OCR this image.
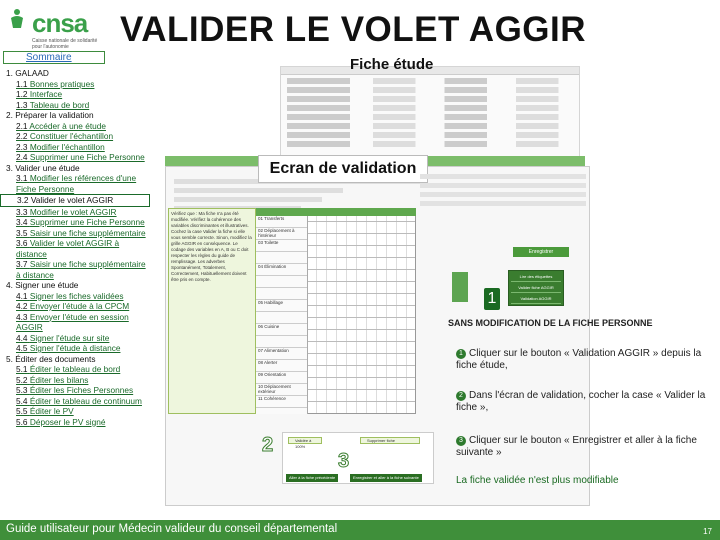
cnsa
Caisse nationale de solidarité pour l'autonomie	VALIDER LE VOLET AGGIR
Sommaire
1. GALAAD
1.1 Bonnes pratiques
1.2 Interface
1.3 Tableau de bord
2. Préparer la validation
2.1 Accéder à une étude
2.2 Constituer l'échantillon
2.3 Modifier l'échantillon
2.4 Supprimer une Fiche Personne
3. Valider une étude
3.1 Modifier les références d'une Fiche Personne
3.2 Valider le volet AGGIR
3.3 Modifier le volet AGGIR
3.4 Supprimer une Fiche Personne
3.5 Saisir une fiche supplémentaire
3.6 Valider le volet AGGIR à distance
3.7 Saisir une fiche supplémentaire à distance
4. Signer une étude
4.1 Signer les fiches validées
4.2 Envoyer l'étude à la CPCM
4.3 Envoyer l'étude en session AGGIR
4.4 Signer l'étude sur site
4.5 Signer l'étude à distance
5. Éditer des documents
5.1 Éditer le tableau de bord
5.2 Éditer les bilans
5.3 Éditer les Fiches Personnes
5.4 Éditer le tableau de continuum
5.5 Éditer le PV
5.6 Déposer le PV signé
Fiche étude
Ecran de validation
Vérifiez que : Ma fiche n'a pas été modifiée. Vérifiez la cohérence des variables discriminantes et illustratives. Cochez la case Valider la fiche si elle vous semble correcte. Sinon, modifiez la grille AGGIR en conséquence. Le codage des variables en A, B ou C doit respecter les règles du guide de remplissage. Les adverbes Spontanément, Totalement, Correctement, Habituellement doivent être pris en compte.
01 Transferts
02 Déplacement à l'intérieur
03 Toilette
04 Élimination
05 Habillage
06 Cuisine
07 Alimentation
08 Alerter
09 Orientation
10 Déplacement extérieur
11 Cohérence
Enregistrer
Lire des étiquettes
Valider fiche AGGIR
Validation AGGIR
1
Validée à 100%
Supprimer fiche
Aller à la fiche précédente	Enregistrer et aller à la fiche suivante
2
3
SANS MODIFICATION DE LA FICHE PERSONNE
1 Cliquer sur le bouton « Validation AGGIR » depuis la fiche étude,
2 Dans l'écran de validation, cocher la case « Valider la fiche »,
3 Cliquer sur le bouton « Enregistrer et aller à la fiche suivante »
La fiche validée n'est plus modifiable
Guide utilisateur pour Médecin valideur du conseil départemental	17
